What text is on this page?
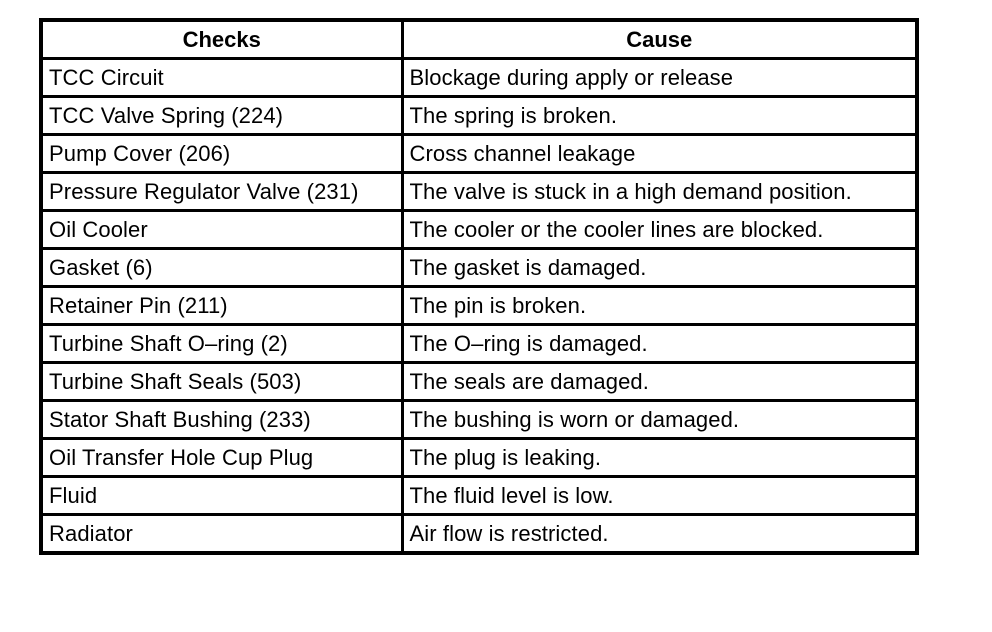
Checks	Cause
TCC Circuit	Blockage during apply or release
TCC Valve Spring (224)	The spring is broken.
Pump Cover (206)	Cross channel leakage
Pressure Regulator Valve (231)	The valve is stuck in a high demand position.
Oil Cooler	The cooler or the cooler lines are blocked.
Gasket (6)	The gasket is damaged.
Retainer Pin (211)	The pin is broken.
Turbine Shaft O–ring (2)	The O–ring is damaged.
Turbine Shaft Seals (503)	The seals are damaged.
Stator Shaft Bushing (233)	The bushing is worn or damaged.
Oil Transfer Hole Cup Plug	The plug is leaking.
Fluid	The fluid level is low.
Radiator	Air flow is restricted.
